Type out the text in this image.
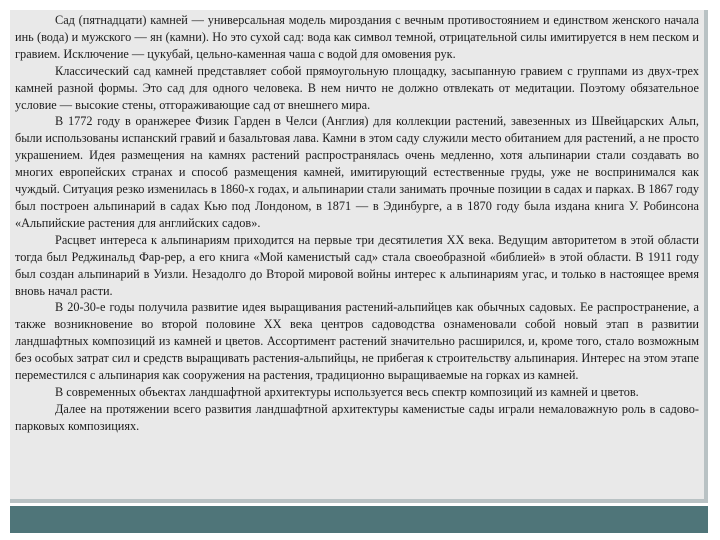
Сад (пятнадцати) камней — универсальная модель мироздания с вечным противостоянием и единством женского начала инь (вода) и мужского — ян (камни). Но это сухой сад: вода как символ темной, отрицательной силы имитируется в нем песком и гравием. Исключение — цукубай, цельно-каменная чаша с водой для омовения рук.

Классический сад камней представляет собой прямоугольную площадку, засыпанную гравием с группами из двух-трех камней разной формы. Это сад для одного человека. В нем ничто не должно отвлекать от медитации. Поэтому обязательное условие — высокие стены, отгораживающие сад от внешнего мира.

В 1772 году в оранжерее Физик Гарден в Челси (Англия) для коллекции растений, завезенных из Швейцарских Альп, были использованы испанский гравий и базальтовая лава. Камни в этом саду служили место обитанием для растений, а не просто украшением. Идея размещения на камнях растений распространялась очень медленно, хотя альпинарии стали создавать во многих европейских странах и способ размещения камней, имитирующий естественные груды, уже не воспринимался как чуждый. Ситуация резко изменилась в 1860-х годах, и альпинарии стали занимать прочные позиции в садах и парках. В 1867 году был построен альпинарий в садах Кью под Лондоном, в 1871 — в Эдинбурге, а в 1870 году была издана книга У. Робинсона «Альпийские растения для английских садов».

Расцвет интереса к альпинариям приходится на первые три десятилетия XX века. Ведущим авторитетом в этой области тогда был Реджинальд Фар-рер, а его книга «Мой каменистый сад» стала своеобразной «библией» в этой области. В 1911 году был создан альпинарий в Уизли. Незадолго до Второй мировой войны интерес к альпинариям угас, и только в настоящее время вновь начал расти.

В 20-30-е годы получила развитие идея выращивания растений-альпийцев как обычных садовых. Ее распространение, а также возникновение во второй половине XX века центров садоводства ознаменовали собой новый этап в развитии ландшафтных композиций из камней и цветов. Ассортимент растений значительно расширился, и, кроме того, стало возможным без особых затрат сил и средств выращивать растения-альпийцы, не прибегая к строительству альпинария. Интерес на этом этапе переместился с альпинария как сооружения на растения, традиционно выращиваемые на горках из камней.

В современных объектах ландшафтной архитектуры используется весь спектр композиций из камней и цветов.

Далее на протяжении всего развития ландшафтной архитектуры каменистые сады играли немаловажную роль в садово-парковых композициях.
